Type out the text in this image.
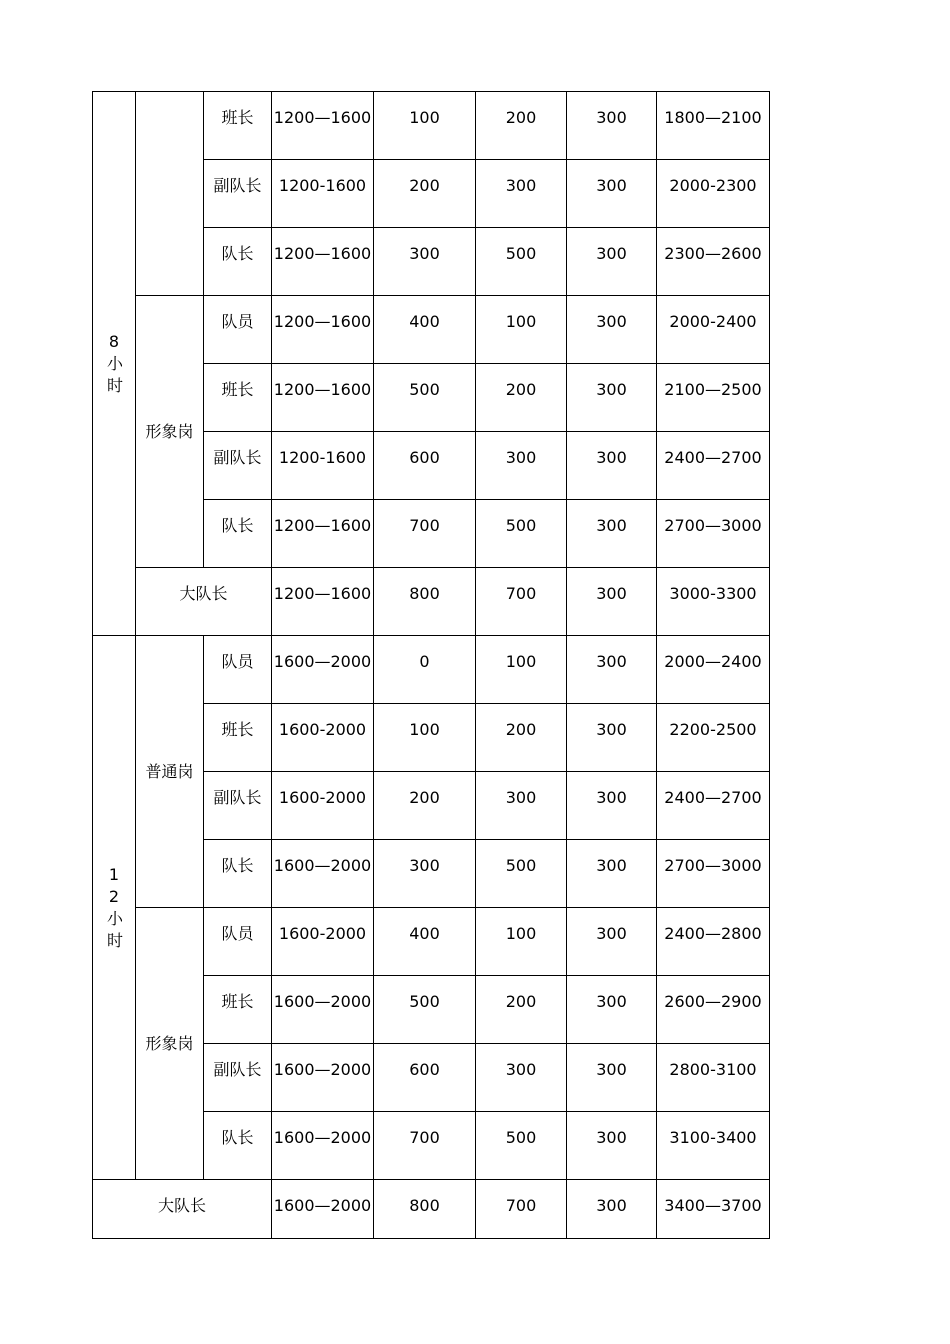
8小时		班长	1200—1600	100	200	300	1800—2100

		副队长	1200-1600	200	300	300	2000-2300

		队长	1200—1600	300	500	300	2300—2600

	形象岗	队员	1200—1600	400	100	300	2000-2400

		班长	1200—1600	500	200	300	2100—2500

		副队长	1200-1600	600	300	300	2400—2700

		队长	1200—1600	700	500	300	2700—3000

	大队长		1200—1600	800	700	300	3000-3300

12小时	普通岗	队员	1600—2000	0	100	300	2000—2400

		班长	1600-2000	100	200	300	2200-2500

		副队长	1600-2000	200	300	300	2400—2700

		队长	1600—2000	300	500	300	2700—3000

	形象岗	队员	1600-2000	400	100	300	2400—2800

		班长	1600—2000	500	200	300	2600—2900

		副队长	1600—2000	600	300	300	2800-3100

		队长	1600—2000	700	500	300	3100-3400

大队长			1600—2000	800	700	300	3400—3700
